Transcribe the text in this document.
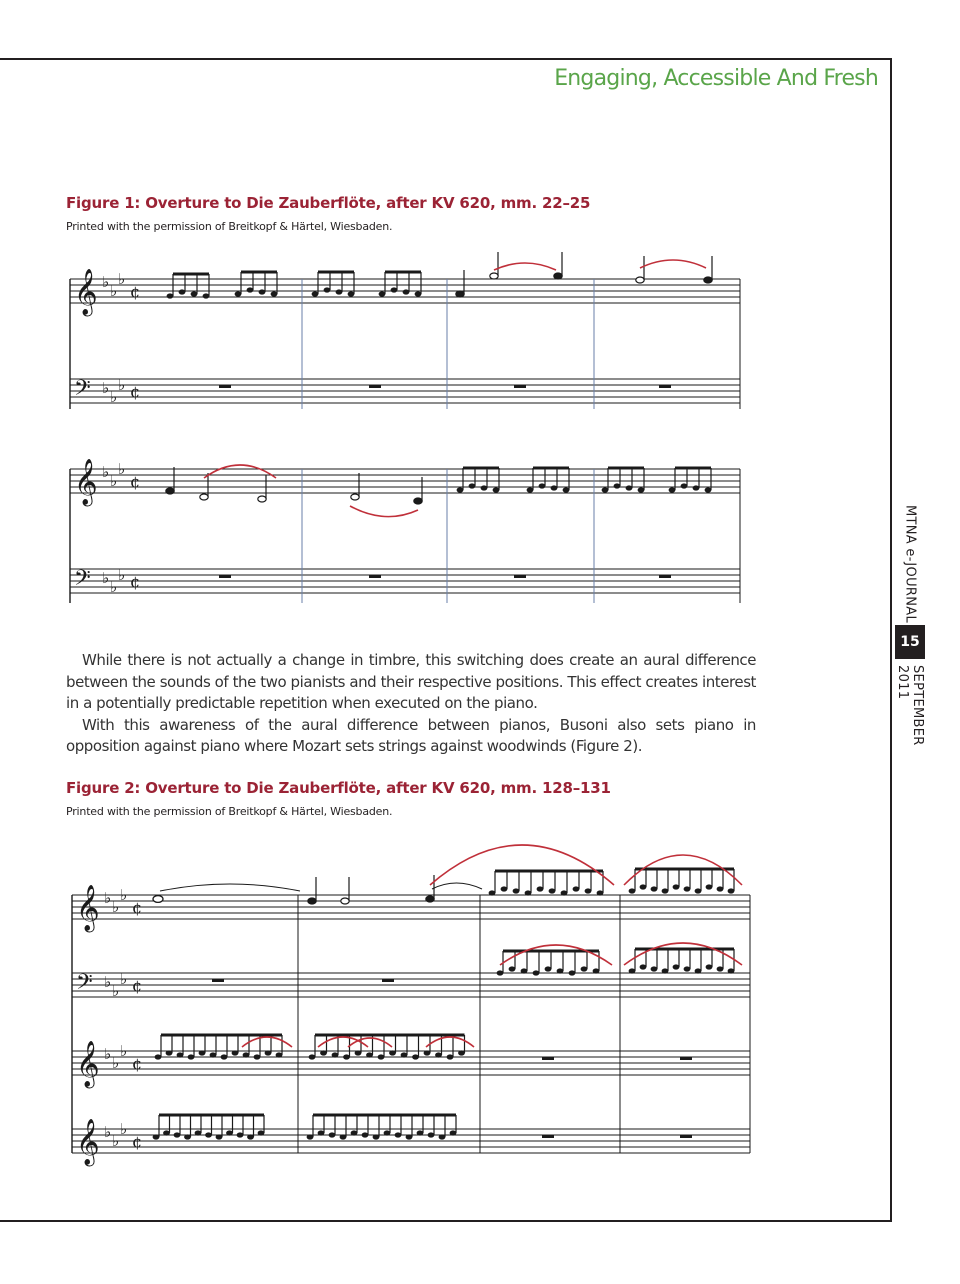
Engaging, Accessible And Fresh
Figure 1: Overture to Die Zauberflöte, after KV 620, mm. 22–25
Printed with the permission of Breitkopf & Härtel, Wiesbaden.
𝄞 ♭ ♭
♭
¢
𝄢 ♭ ♭
♭ ¢
𝄞 ♭ ♭
♭
¢
𝄢 ♭ ♭
♭ ¢

While there is not actually a change in timbre, this switching does create an aural difference between the sounds of the two pianists and their respective positions. This effect creates interest in a potentially predictable repetition when executed on the piano.

With this awareness of the aural difference between pianos, Busoni also sets piano in opposition against piano where Mozart sets strings against woodwinds (Figure 2).

Figure 2: Overture to Die Zauberflöte, after KV 620, mm. 128–131
Printed with the permission of Breitkopf & Härtel, Wiesbaden.
𝄞 ♭ ♭
♭
¢
𝄢 ♭ ♭
♭ ¢
𝄞 ♭ ♭
♭
¢
𝄞 ♭ ♭
♭
¢
MTNA e-JOURNAL
15
SEPTEMBER 2011
